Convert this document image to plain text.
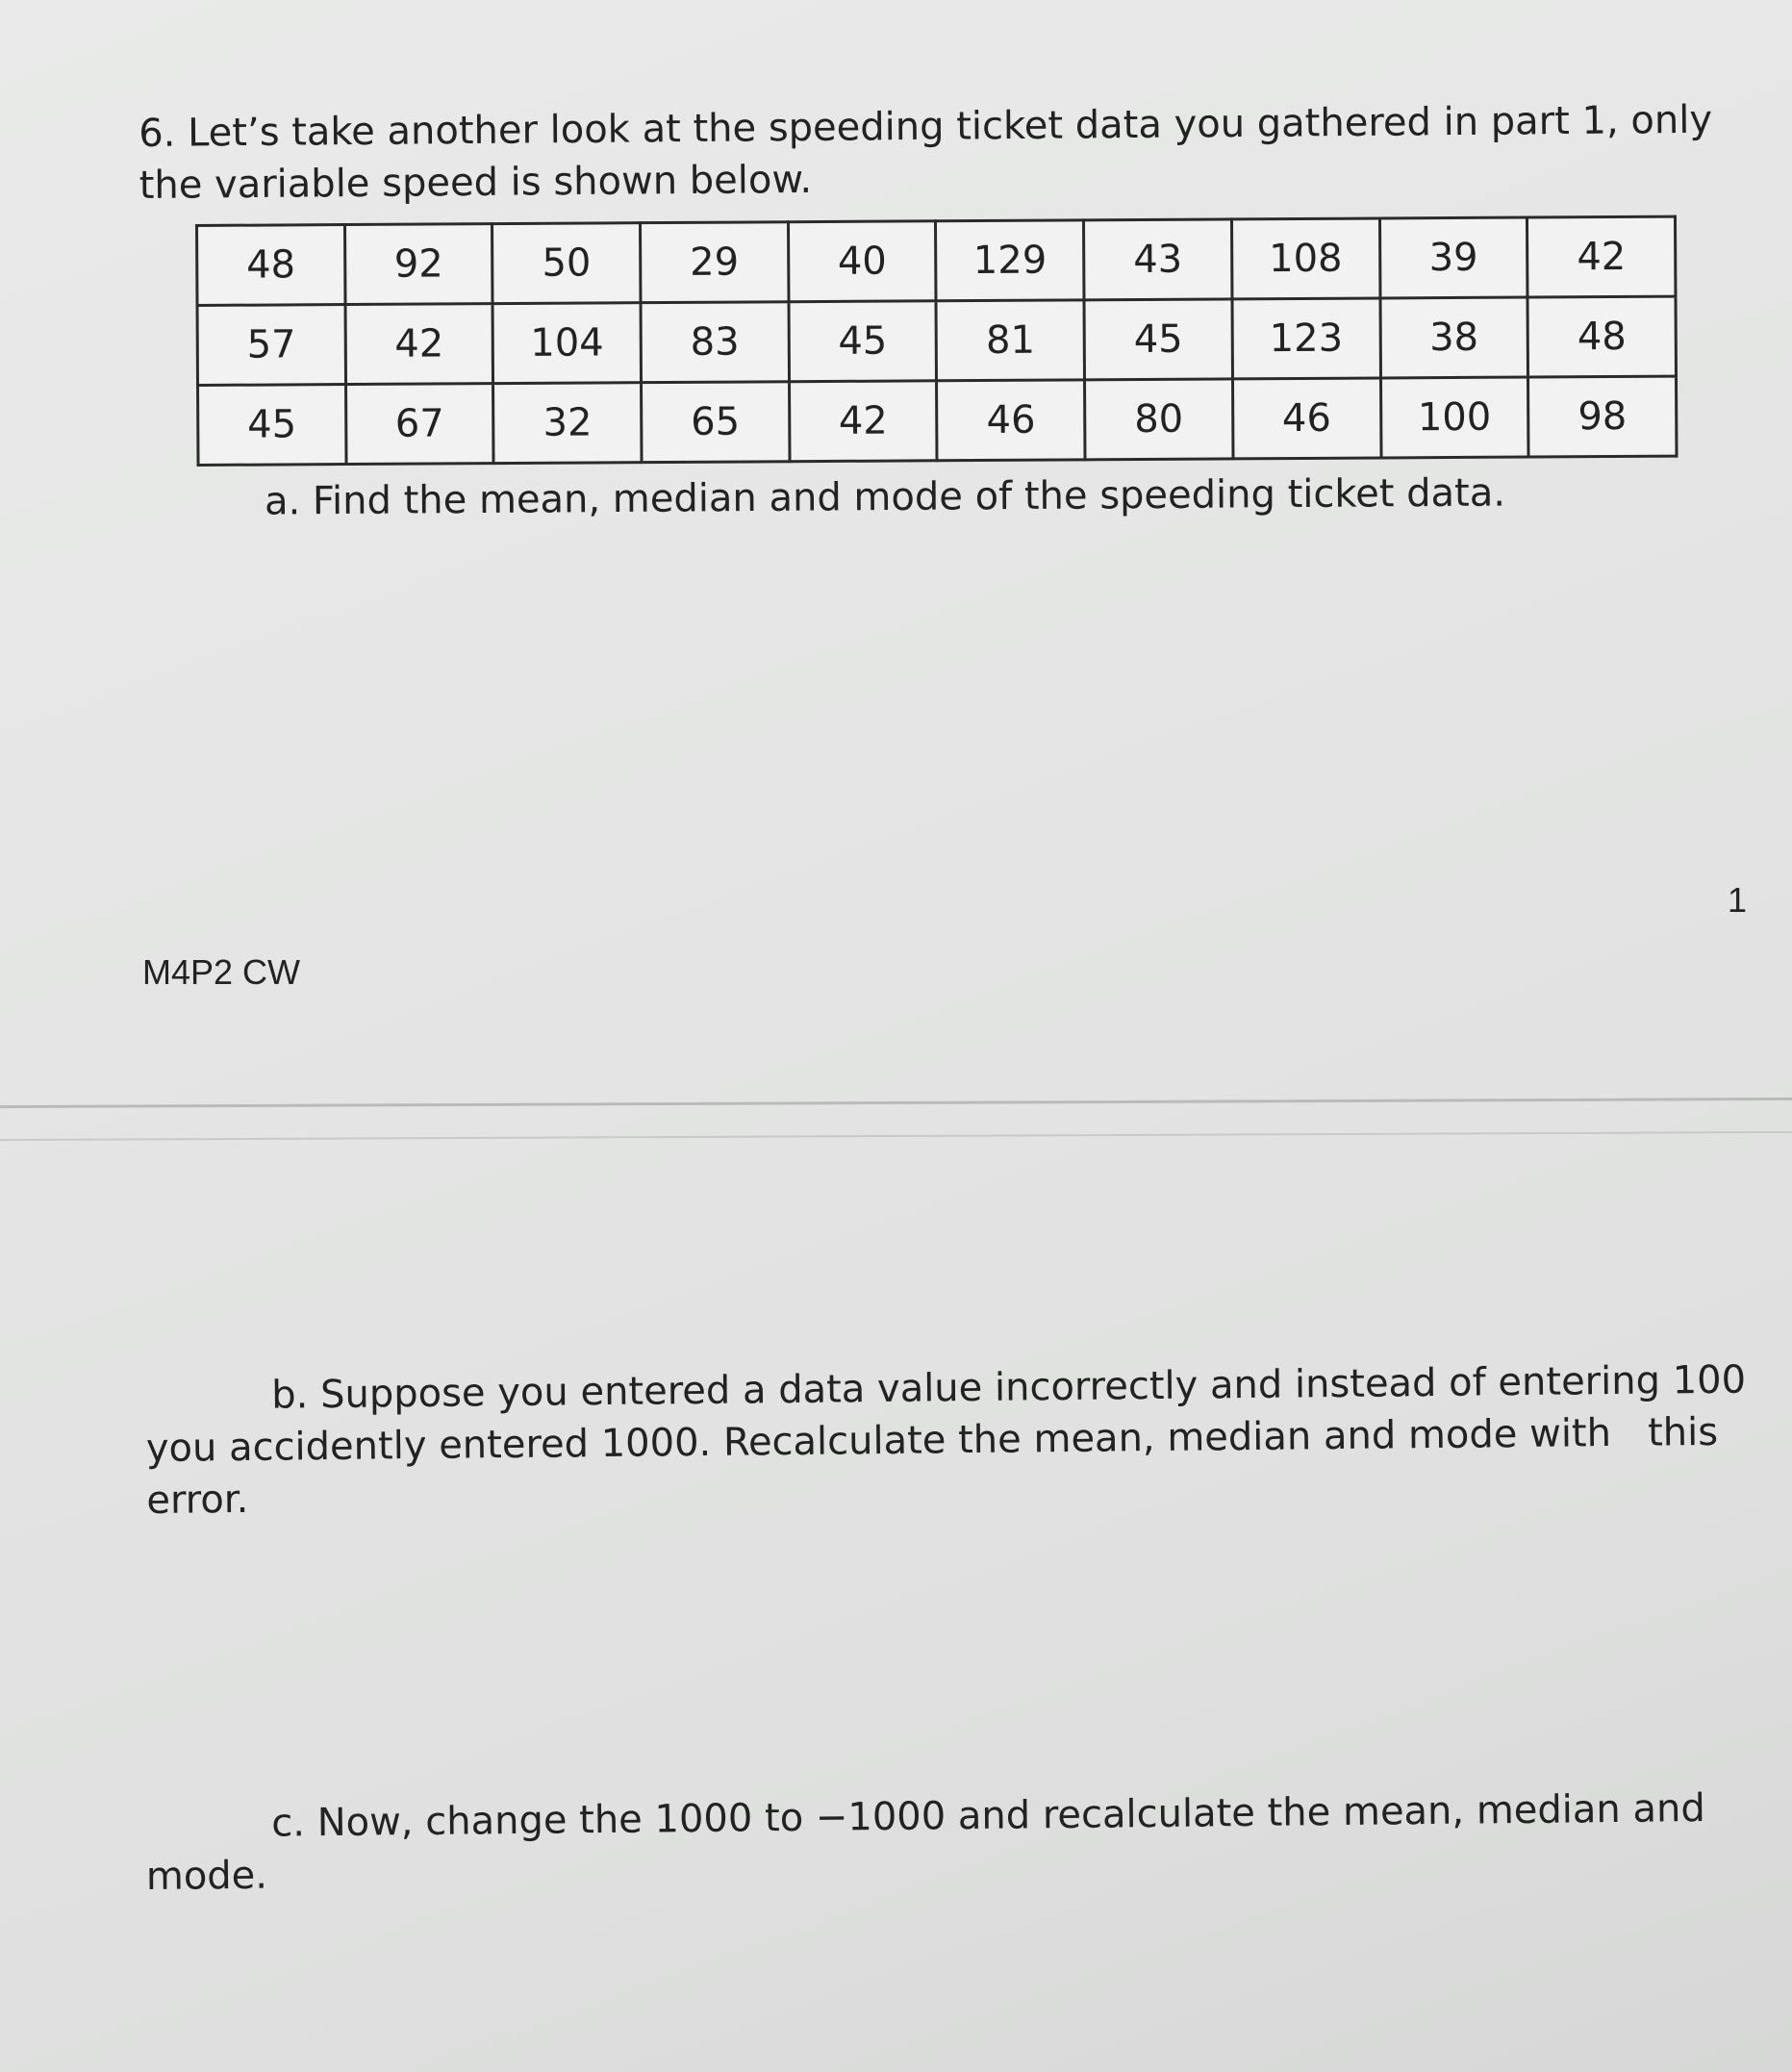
6. Let’s take another look at the speeding ticket data you gathered in part 1, only
the variable speed is shown below.
48	92	50	29	40	129	43	108	39	42
57	42	104	83	45	81	45	123	38	48
45	67	32	65	42	46	80	46	100	98
a. Find the mean, median and mode of the speeding ticket data.
1
M4P2 CW
b. Suppose you entered a data value incorrectly and instead of entering 100
you accidently entered 1000. Recalculate the mean, median and mode with   this
error.
c. Now, change the 1000 to −1000 and recalculate the mean, median and
mode.
